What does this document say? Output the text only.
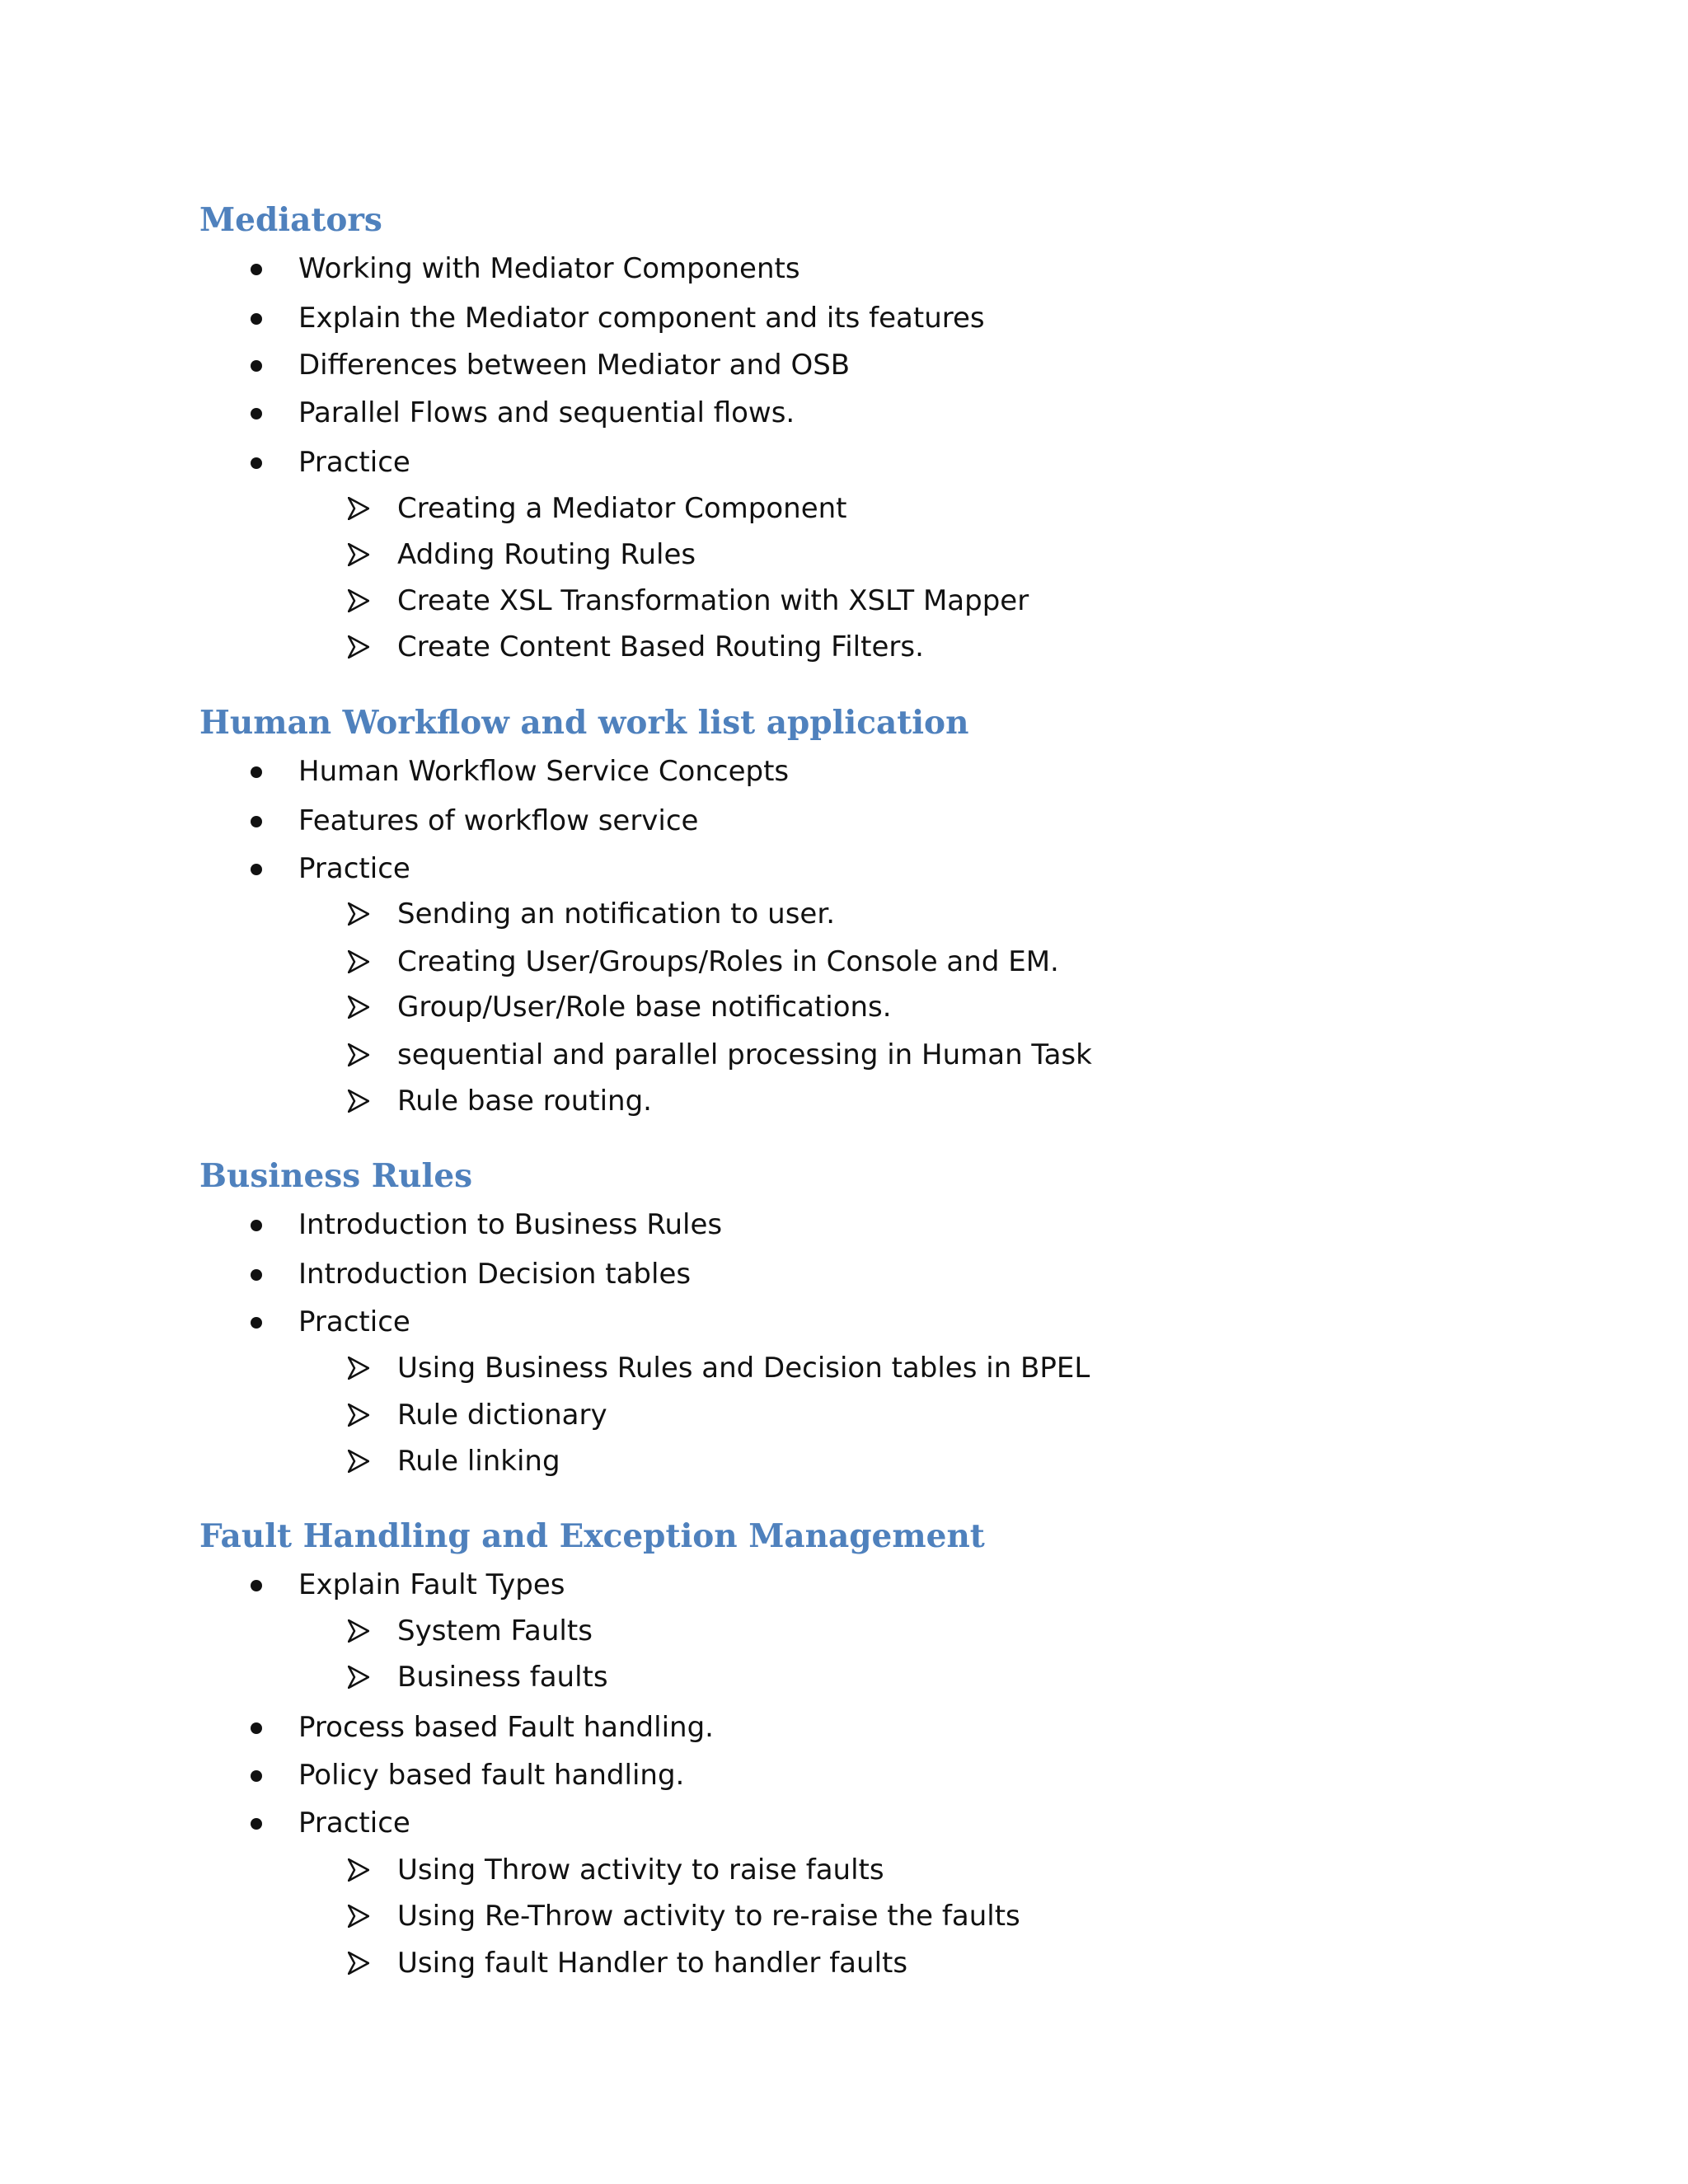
Mediators
Working with Mediator Components
Explain the Mediator component and its features
Differences between Mediator and OSB
Parallel Flows and sequential flows.
Practice
Creating a Mediator Component
Adding Routing Rules
Create XSL Transformation with XSLT Mapper
Create Content Based Routing Filters.
Human Workflow and work list application
Human Workflow Service Concepts
Features of workflow service
Practice
Sending an notification to user.
Creating User/Groups/Roles in Console and EM.
Group/User/Role base notifications.
sequential and parallel processing in Human Task
Rule base routing.
Business Rules
Introduction to Business Rules
Introduction Decision tables
Practice
Using Business Rules and Decision tables in BPEL
Rule dictionary
Rule linking
Fault Handling and Exception Management
Explain Fault Types
System Faults
Business faults
Process based Fault handling.
Policy based fault handling.
Practice
Using Throw activity to raise faults
Using Re-Throw activity to re-raise the faults
Using fault Handler to handler faults
